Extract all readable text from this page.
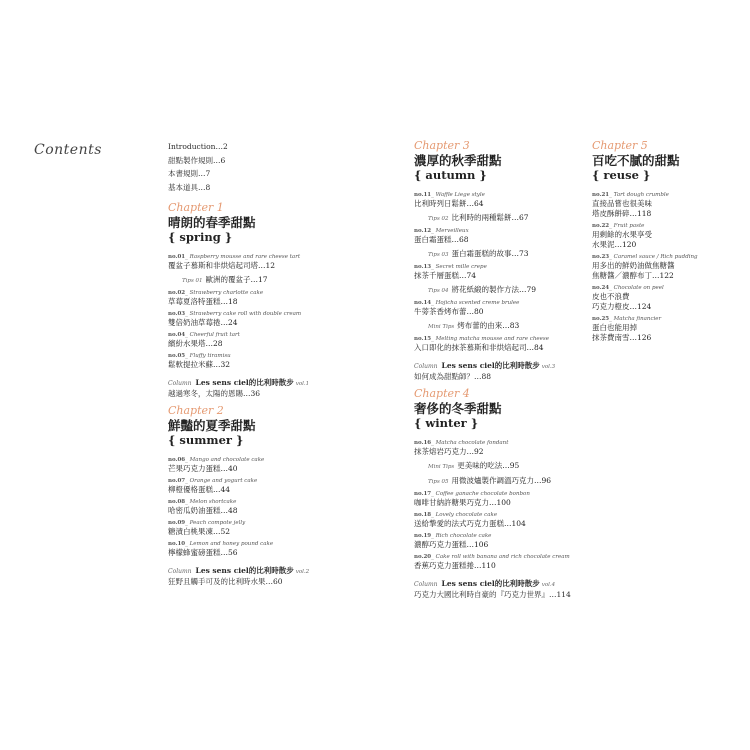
Contents	Introduction…2
甜點製作規則…6
本書規則…7
基本道具…8
Chapter 1
晴朗的春季甜點
{ spring }
no.01_ Raspberry mousse and rare cheese tart
覆盆子慕斯和非烘焙起司塔…12
Tips 01 歐洲的覆盆子…17
no.02_ Strawberry charlotte cake
草莓夏洛特蛋糕…18
no.03_ Strawberry cake roll with double cream
雙倍奶油草莓捲…24
no.04_ Cheerful fruit tart
繽紛水果塔…28
no.05_ Fluffy tiramisu
鬆軟提拉米蘇…32
Column Les sens ciel的比利時散步 vol.1
越過寒冬，太陽的恩賜…36
Chapter 2
鮮豔的夏季甜點
{ summer }
no.06_ Mango and chocolate cake
芒果巧克力蛋糕…40
no.07_ Orange and yogurt cake
柳橙優格蛋糕…44
no.08_ Melon shortcake
哈密瓜奶油蛋糕…48
no.09_ Peach compote jelly
糖漬白桃果凍…52
no.10_ Lemon and honey pound cake
檸檬蜂蜜磅蛋糕…56
Column Les sens ciel的比利時散步 vol.2
狂野且觸手可及的比利時水果…60
Chapter 3
濃厚的秋季甜點
{ autumn }
no.11_ Waffle Liege style
比利時列日鬆餅…64
Tips 02 比利時的兩種鬆餅…67
no.12_ Merveilleux
蛋白霜蛋糕…68
Tips 03 蛋白霜蛋糕的故事…73
no.13_ Secret mille crepe
抹茶千層蛋糕…74
Tips 04 將花紙緞的製作方法…79
no.14_ Hojicha scented creme brulee
牛蒡茶香烤布蕾…80
Mini Tips 烤布蕾的由來…83
no.15_ Melting matcha mousse and rare cheese
入口即化的抹茶慕斯和非烘焙起司…84
Column Les sens ciel的比利時散步 vol.3
如何成為甜點師？…88
Chapter 4
奢侈的冬季甜點
{ winter }
no.16_ Matcha chocolate fondant
抹茶熔岩巧克力…92
Mini Tips 更美味的吃法…95
Tips 05 用微波爐製作調溫巧克力…96
no.17_ Coffee ganache chocolate bonbon
咖啡甘納許糖果巧克力…100
no.18_ Lovely chocolate cake
送給摯愛的法式巧克力蛋糕…104
no.19_ Rich chocolate cake
濃醇巧克力蛋糕…106
no.20_ Cake roll with banana and rich chocolate cream
香蕉巧克力蛋糕捲…110
Column Les sens ciel的比利時散步 vol.4
巧克力大國比利時自豪的『巧克力世界』…114
Chapter 5
百吃不膩的甜點
{ reuse }
no.21_ Tart dough crumble
直接品嘗也很美味
塔皮酥餅碎…118
no.22_ Fruit paste
用剩餘的水果享受
水果泥…120
no.23_ Caramel sauce / Rich pudding
用多出的鮮奶油做焦糖醬
焦糖醬／濃醇布丁…122
no.24_ Chocolate on peel
皮也不浪費
巧克力橙皮…124
no.25_ Matcha financier
蛋白也能用掉
抹茶費南雪…126
